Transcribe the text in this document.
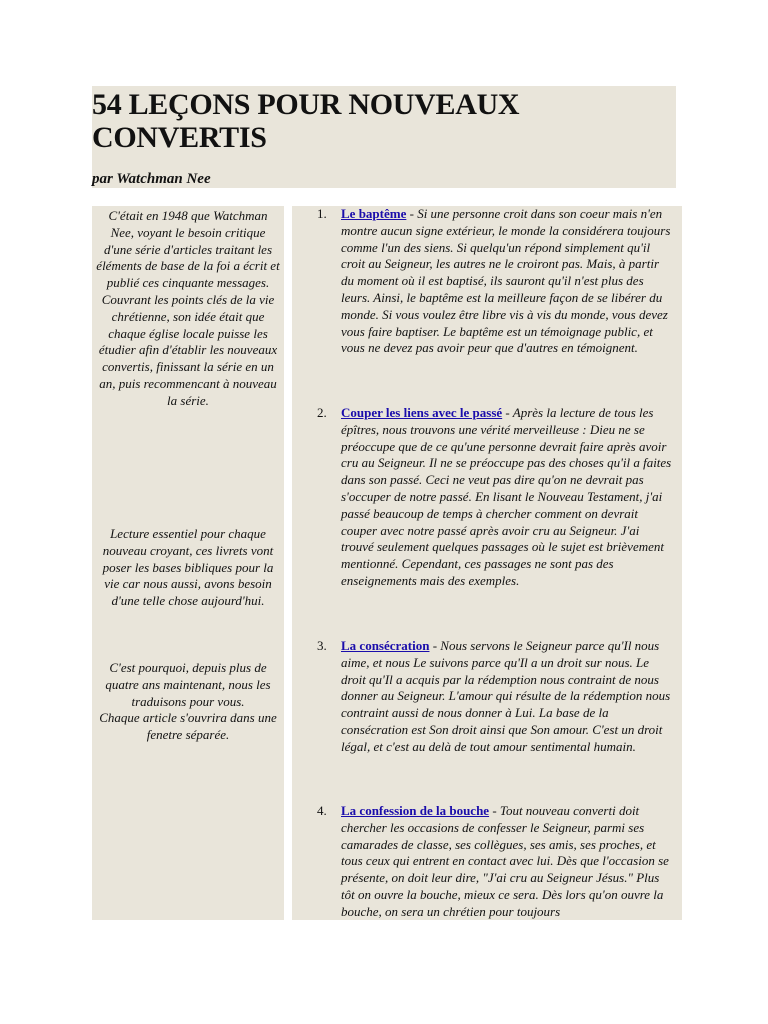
54 LEÇONS POUR NOUVEAUX CONVERTIS
par Watchman Nee

C'était en 1948 que Watchman Nee, voyant le besoin critique d'une série d'articles traitant les éléments de base de la foi a écrit et publié ces cinquante messages. Couvrant les points clés de la vie chrétienne, son idée était que chaque église locale puisse les étudier afin d'établir les nouveaux convertis, finissant la série en un an, puis recommencant à nouveau la série.

Lecture essentiel pour chaque nouveau croyant, ces livrets vont poser les bases bibliques pour la vie car nous aussi, avons besoin d'une telle chose aujourd'hui.

C'est pourquoi, depuis plus de quatre ans maintenant, nous les traduisons pour vous.
Chaque article s'ouvrira dans une fenetre séparée.

1. Le baptême - Si une personne croit dans son coeur mais n'en montre aucun signe extérieur, le monde la considérera toujours comme l'un des siens. Si quelqu'un répond simplement qu'il croit au Seigneur, les autres ne le croiront pas. Mais, à partir du moment où il est baptisé, ils sauront qu'il n'est plus des leurs. Ainsi, le baptême est la meilleure façon de se libérer du monde. Si vous voulez être libre vis à vis du monde, vous devez vous faire baptiser. Le baptême est un témoignage public, et vous ne devez pas avoir peur que d'autres en témoignent.
2. Couper les liens avec le passé - Après la lecture de tous les épîtres, nous trouvons une vérité merveilleuse : Dieu ne se préoccupe que de ce qu'une personne devrait faire après avoir cru au Seigneur. Il ne se préoccupe pas des choses qu'il a faites dans son passé. Ceci ne veut pas dire qu'on ne devrait pas s'occuper de notre passé. En lisant le Nouveau Testament, j'ai passé beaucoup de temps à chercher comment on devrait couper avec notre passé après avoir cru au Seigneur. J'ai trouvé seulement quelques passages où le sujet est brièvement mentionné. Cependant, ces passages ne sont pas des enseignements mais des exemples.
3. La consécration - Nous servons le Seigneur parce qu'Il nous aime, et nous Le suivons parce qu'Il a un droit sur nous. Le droit qu'Il a acquis par la rédemption nous contraint de nous donner au Seigneur. L'amour qui résulte de la rédemption nous contraint aussi de nous donner à Lui. La base de la consécration est Son droit ainsi que Son amour. C'est un droit légal, et c'est au delà de tout amour sentimental humain.
4. La confession de la bouche - Tout nouveau converti doit chercher les occasions de confesser le Seigneur, parmi ses camarades de classe, ses collègues, ses amis, ses proches, et tous ceux qui entrent en contact avec lui. Dès que l'occasion se présente, on doit leur dire, "J'ai cru au Seigneur Jésus." Plus tôt on ouvre la bouche, mieux ce sera. Dès lors qu'on ouvre la bouche, on sera un chrétien pour toujours
